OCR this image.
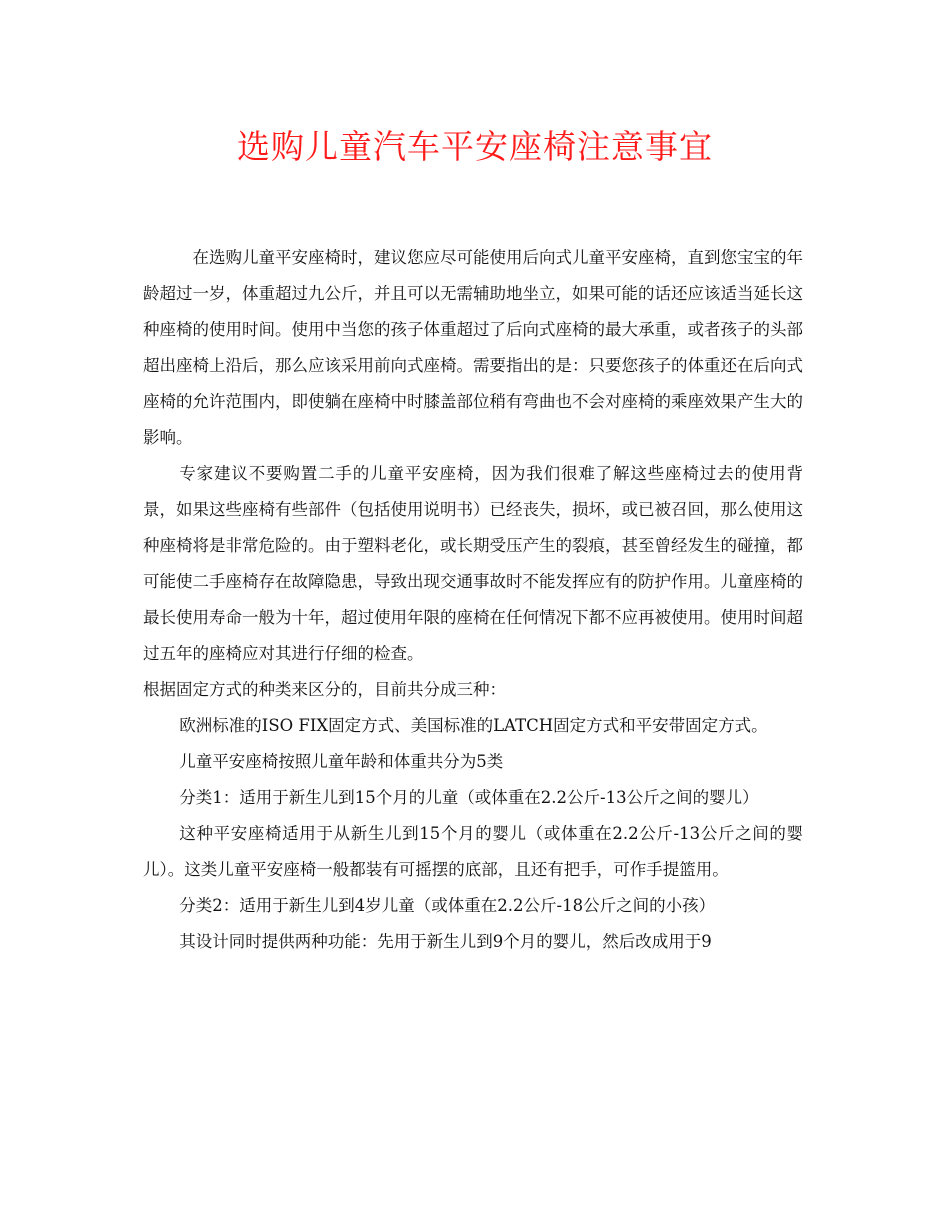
选购儿童汽车平安座椅注意事宜

在选购儿童平安座椅时，建议您应尽可能使用后向式儿童平安座椅，直到您宝宝的年龄超过一岁，体重超过九公斤，并且可以无需辅助地坐立，如果可能的话还应该适当延长这种座椅的使用时间。使用中当您的孩子体重超过了后向式座椅的最大承重，或者孩子的头部超出座椅上沿后，那么应该采用前向式座椅。需要指出的是：只要您孩子的体重还在后向式座椅的允许范围内，即使躺在座椅中时膝盖部位稍有弯曲也不会对座椅的乘座效果产生大的影响。

专家建议不要购置二手的儿童平安座椅，因为我们很难了解这些座椅过去的使用背景，如果这些座椅有些部件（包括使用说明书）已经丧失，损坏，或已被召回，那么使用这种座椅将是非常危险的。由于塑料老化，或长期受压产生的裂痕，甚至曾经发生的碰撞，都可能使二手座椅存在故障隐患，导致出现交通事故时不能发挥应有的防护作用。儿童座椅的最长使用寿命一般为十年，超过使用年限的座椅在任何情况下都不应再被使用。使用时间超过五年的座椅应对其进行仔细的检查。

根据固定方式的种类来区分的，目前共分成三种：

欧洲标准的ISO FIX固定方式、美国标准的LATCH固定方式和平安带固定方式。

儿童平安座椅按照儿童年龄和体重共分为5类

分类1：适用于新生儿到15个月的儿童（或体重在2.2公斤-13公斤之间的婴儿）

这种平安座椅适用于从新生儿到15个月的婴儿（或体重在2.2公斤-13公斤之间的婴儿）。这类儿童平安座椅一般都装有可摇摆的底部，且还有把手，可作手提篮用。

分类2：适用于新生儿到4岁儿童（或体重在2.2公斤-18公斤之间的小孩）

其设计同时提供两种功能：先用于新生儿到9个月的婴儿，然后改成用于9
